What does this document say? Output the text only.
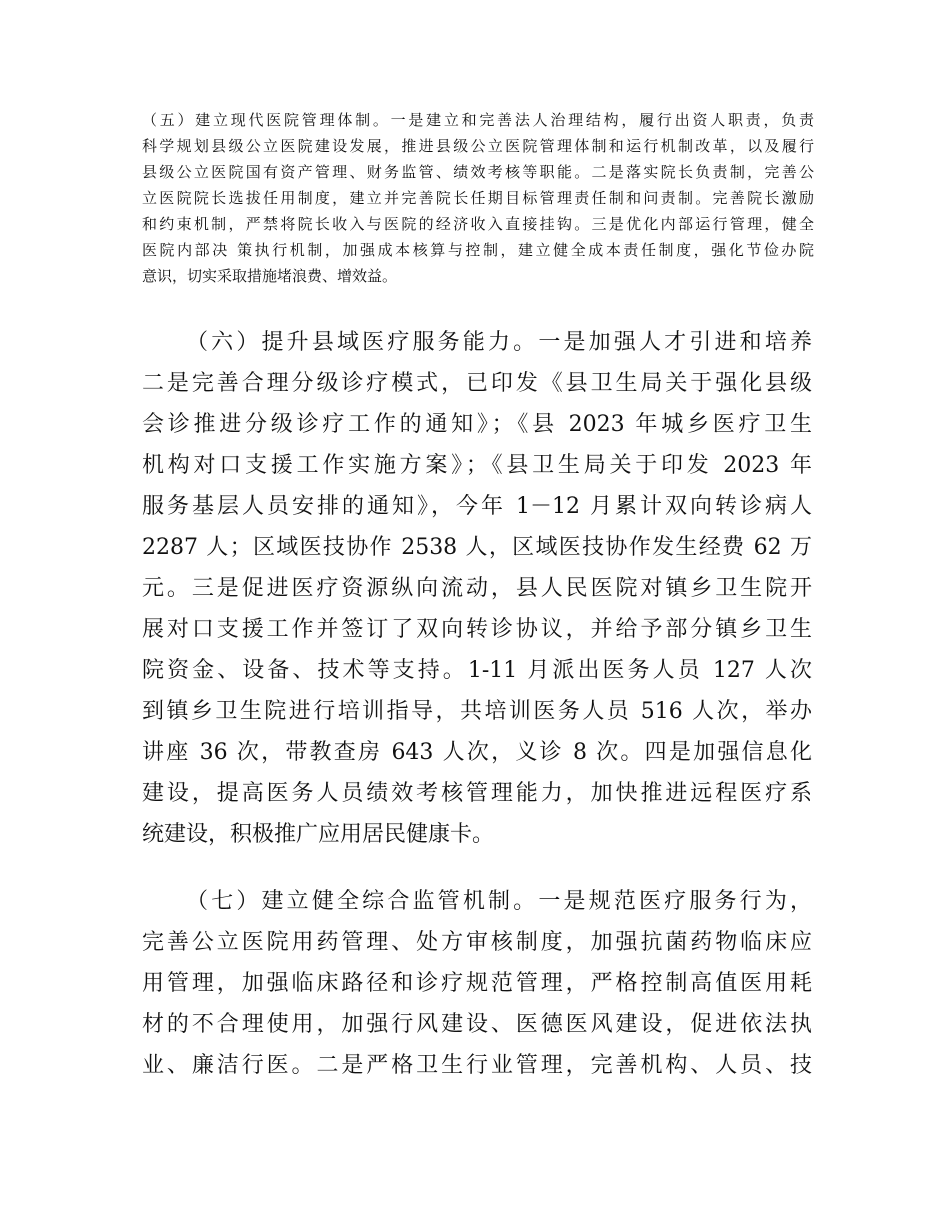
（五）建立现代医院管理体制。一是建立和完善法人治理结构，履行出资人职责，负责
科学规划县级公立医院建设发展，推进县级公立医院管理体制和运行机制改革，以及履行
县级公立医院国有资产管理、财务监管、绩效考核等职能。二是落实院长负责制，完善公
立医院院长选拔任用制度，建立并完善院长任期目标管理责任制和问责制。完善院长激励
和约束机制，严禁将院长收入与医院的经济收入直接挂钩。三是优化内部运行管理，健全
医院内部决 策执行机制，加强成本核算与控制，建立健全成本责任制度，强化节俭办院
意识，切实采取措施堵浪费、增效益。
（六）提升县域医疗服务能力。一是加强人才引进和培养
二是完善合理分级诊疗模式，已印发《县卫生局关于强化县级
会诊推进分级诊疗工作的通知》；《县 2023 年城乡医疗卫生
机构对口支援工作实施方案》；《县卫生局关于印发 2023 年
服务基层人员安排的通知》，今年 1－12 月累计双向转诊病人
2287 人；区域医技协作 2538 人，区域医技协作发生经费 62 万
元。三是促进医疗资源纵向流动，县人民医院对镇乡卫生院开
展对口支援工作并签订了双向转诊协议，并给予部分镇乡卫生
院资金、设备、技术等支持。1-11 月派出医务人员 127 人次
到镇乡卫生院进行培训指导，共培训医务人员 516 人次，举办
讲座 36 次，带教查房 643 人次，义诊 8 次。四是加强信息化
建设，提高医务人员绩效考核管理能力，加快推进远程医疗系
统建设，积极推广应用居民健康卡。
（七）建立健全综合监管机制。一是规范医疗服务行为，
完善公立医院用药管理、处方审核制度，加强抗菌药物临床应
用管理，加强临床路径和诊疗规范管理，严格控制高值医用耗
材的不合理使用，加强行风建设、医德医风建设，促进依法执
业、廉洁行医。二是严格卫生行业管理，完善机构、人员、技
